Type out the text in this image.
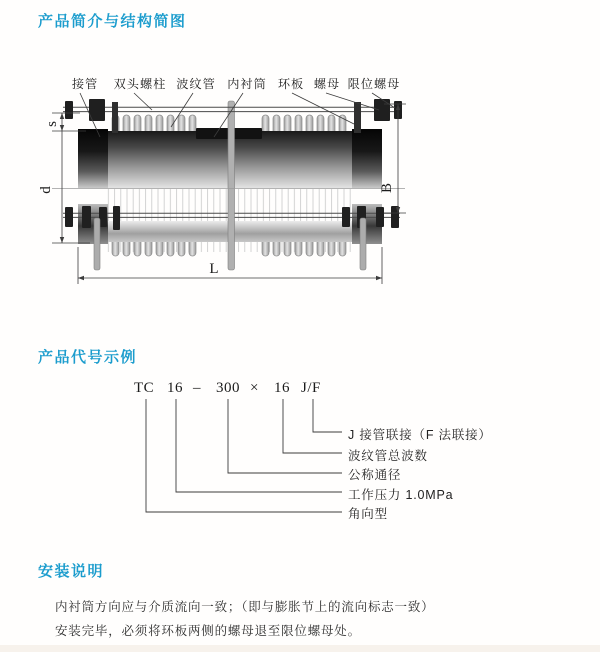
产品简介与结构简图
产品代号示例
安装说明
接管 双头螺柱 波纹管 内衬筒 环板 螺母 限位螺母
s
d	B
L
TC 16 – 300 × 16 J/F
J 接管联接（F 法联接）
波纹管总波数
公称通径
工作压力 1.0MPa
角向型
内衬筒方向应与介质流向一致；（即与膨胀节上的流向标志一致）
安装完毕，必须将环板两侧的螺母退至限位螺母处。
